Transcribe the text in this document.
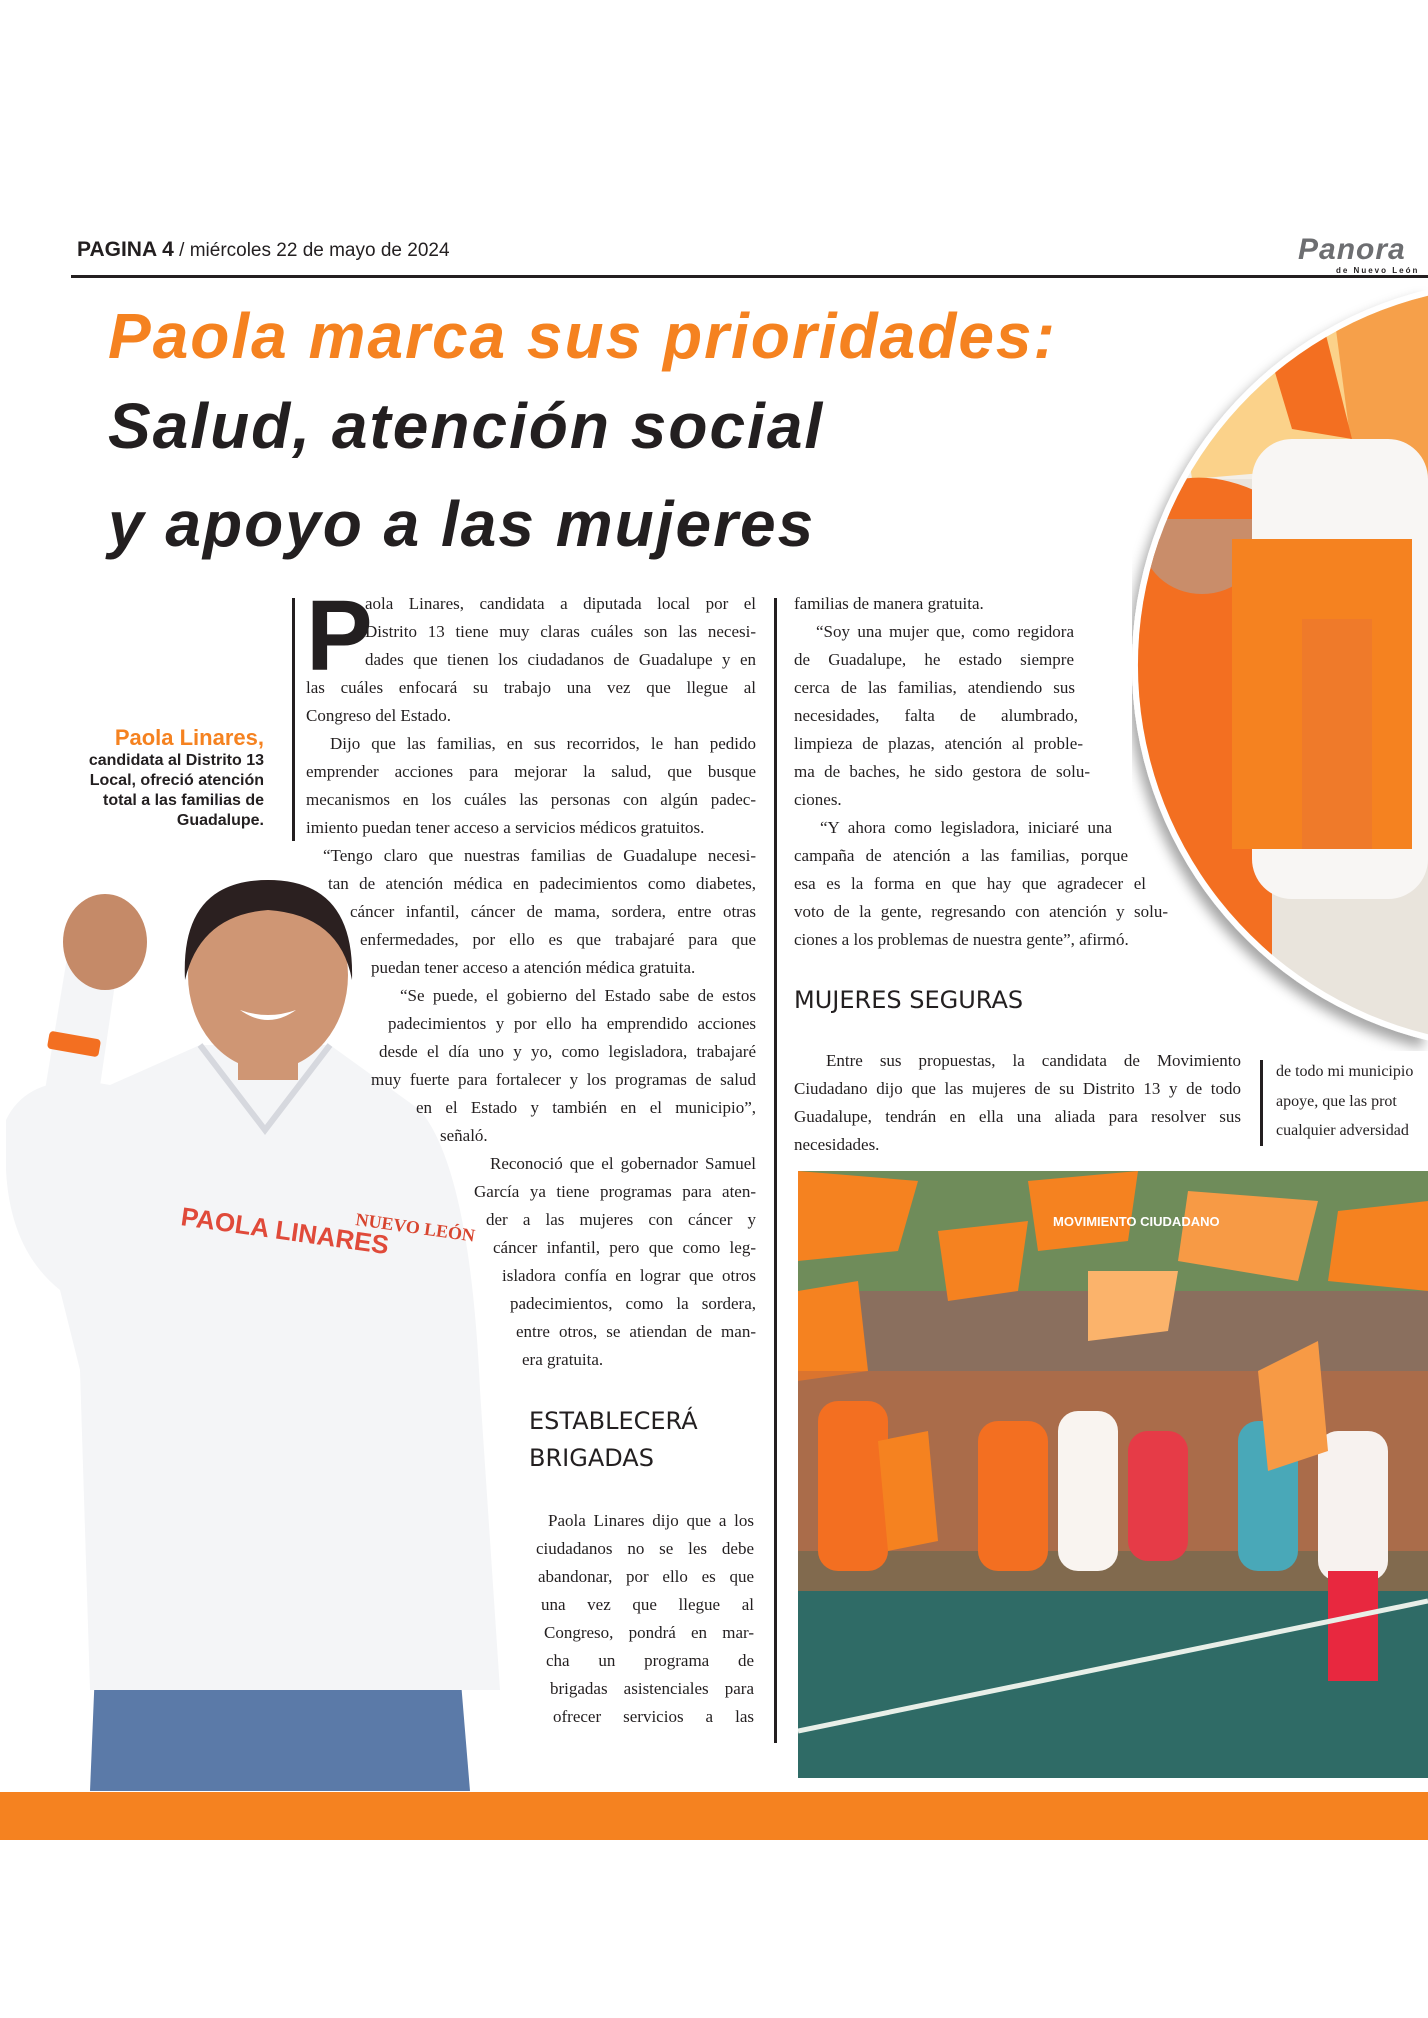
PAGINA 4 / miércoles 22 de mayo de 2024	Panora
de Nuevo León
Paola marca sus prioridades:
Salud, atención social
y apoyo a las mujeres
Paola Linares,
candidata al Distrito 13 Local, ofreció atención total a las familias de Guadalupe.
PAOLA LINARES
NUEVO LEÓN
P
aola Linares, candidata a diputada local por el
Distrito 13 tiene muy claras cuáles son las necesi-
dades que tienen los ciudadanos de Guadalupe y en
las cuáles enfocará su trabajo una vez que llegue al
Congreso del Estado.
Dijo que las familias, en sus recorridos, le han pedido
emprender acciones para mejorar la salud, que busque
mecanismos en los cuáles las personas con algún padec-
imiento puedan tener acceso a servicios médicos gratuitos.
“Tengo claro que nuestras familias de Guadalupe necesi-
tan de atención médica en padecimientos como diabetes,
cáncer infantil, cáncer de mama, sordera, entre otras
enfermedades, por ello es que trabajaré para que
puedan tener acceso a atención médica gratuita.
“Se puede, el gobierno del Estado sabe de estos
padecimientos y por ello ha emprendido acciones
desde el día uno y yo, como legisladora, trabajaré
muy fuerte para fortalecer y los programas de salud
en el Estado y también en el municipio”,
señaló.
Reconoció que el gobernador Samuel
García ya tiene programas para aten-
der a las mujeres con cáncer y
cáncer infantil, pero que como leg-
isladora confía en lograr que otros
padecimientos, como la sordera,
entre otros, se atiendan de man-
era gratuita.
familias de manera gratuita.
“Soy una mujer que, como regidora
de Guadalupe, he estado siempre
cerca de las familias, atendiendo sus
necesidades, falta de alumbrado,
limpieza de plazas, atención al proble-
ma de baches, he sido gestora de solu-
ciones.
“Y ahora como legisladora, iniciaré una
campaña de atención a las familias, porque
esa es la forma en que hay que agradecer el
voto de la gente, regresando con atención y solu-
ciones a los problemas de nuestra gente”, afirmó.
ESTABLECERÁ
BRIGADAS
Paola Linares dijo que a los
ciudadanos no se les debe
abandonar, por ello es que
una vez que llegue al
Congreso, pondrá en mar-
cha un programa de
brigadas asistenciales para
ofrecer servicios a las
MUJERES SEGURAS
Entre sus propuestas, la candidata de Movimiento
Ciudadano dijo que las mujeres de su Distrito 13 y de todo
Guadalupe, tendrán en ella una aliada para resolver sus
necesidades.
de todo mi municipio
apoye, que las prot
cualquier adversidad
MOVIMIENTO CIUDADANO
